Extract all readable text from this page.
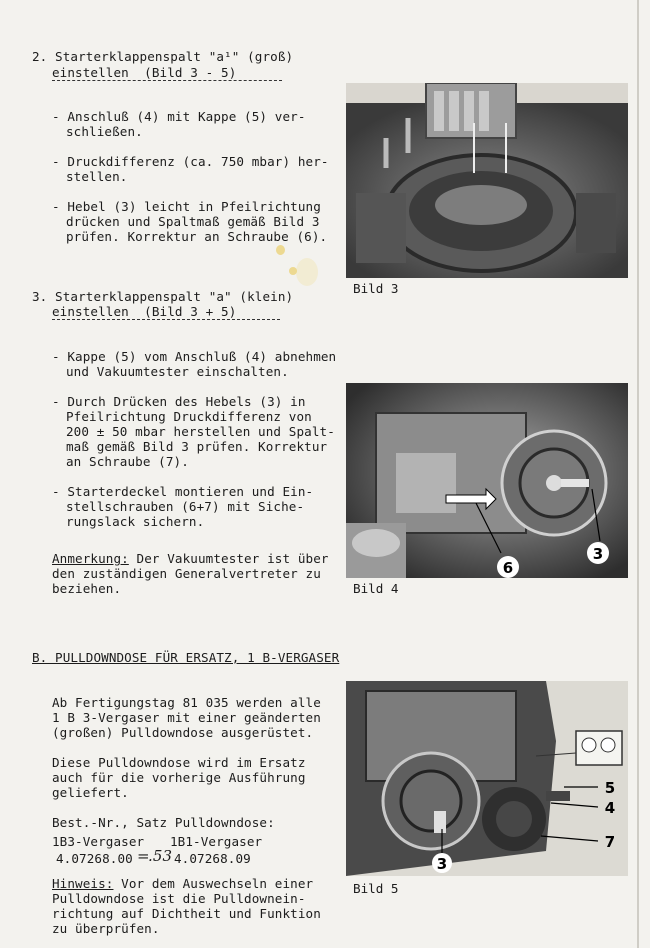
2. Starterklappenspalt "a¹" (groß)
einstellen  (Bild 3 - 5)
- Anschluß (4) mit Kappe (5) ver-
schließen.
- Druckdifferenz (ca. 750 mbar) her-
stellen.
- Hebel (3) leicht in Pfeilrichtung
drücken und Spaltmaß gemäß Bild 3
prüfen. Korrektur an Schraube (6).
3. Starterklappenspalt "a" (klein)
einstellen  (Bild 3 + 5)
- Kappe (5) vom Anschluß (4) abnehmen
und Vakuumtester einschalten.
- Durch Drücken des Hebels (3) in
Pfeilrichtung Druckdifferenz von
200 ± 50 mbar herstellen und Spalt-
maß gemäß Bild 3 prüfen. Korrektur
an Schraube (7).
- Starterdeckel montieren und Ein-
stellschrauben (6+7) mit Siche-
rungslack sichern.
Anmerkung: Der Vakuumtester ist über
den zuständigen Generalvertreter zu
beziehen.
B. PULLDOWNDOSE FÜR ERSATZ, 1 B-VERGASER
Ab Fertigungstag 81 035 werden alle
1 B 3-Vergaser mit einer geänderten
(großen) Pulldowndose ausgerüstet.
Diese Pulldowndose wird im Ersatz
auch für die vorherige Ausführung
geliefert.
Best.-Nr., Satz Pulldowndose:
1B3-Vergaser 1B1-Vergaser
4.07268.00 =
.53 4.07268.09
Hinweis: Vor dem Auswechseln einer
Pulldowndose ist die Pulldownein-
richtung auf Dichtheit und Funktion
zu überprüfen.
Bild 3
3
6
Bild 4
5
4
7
3
Bild 5
